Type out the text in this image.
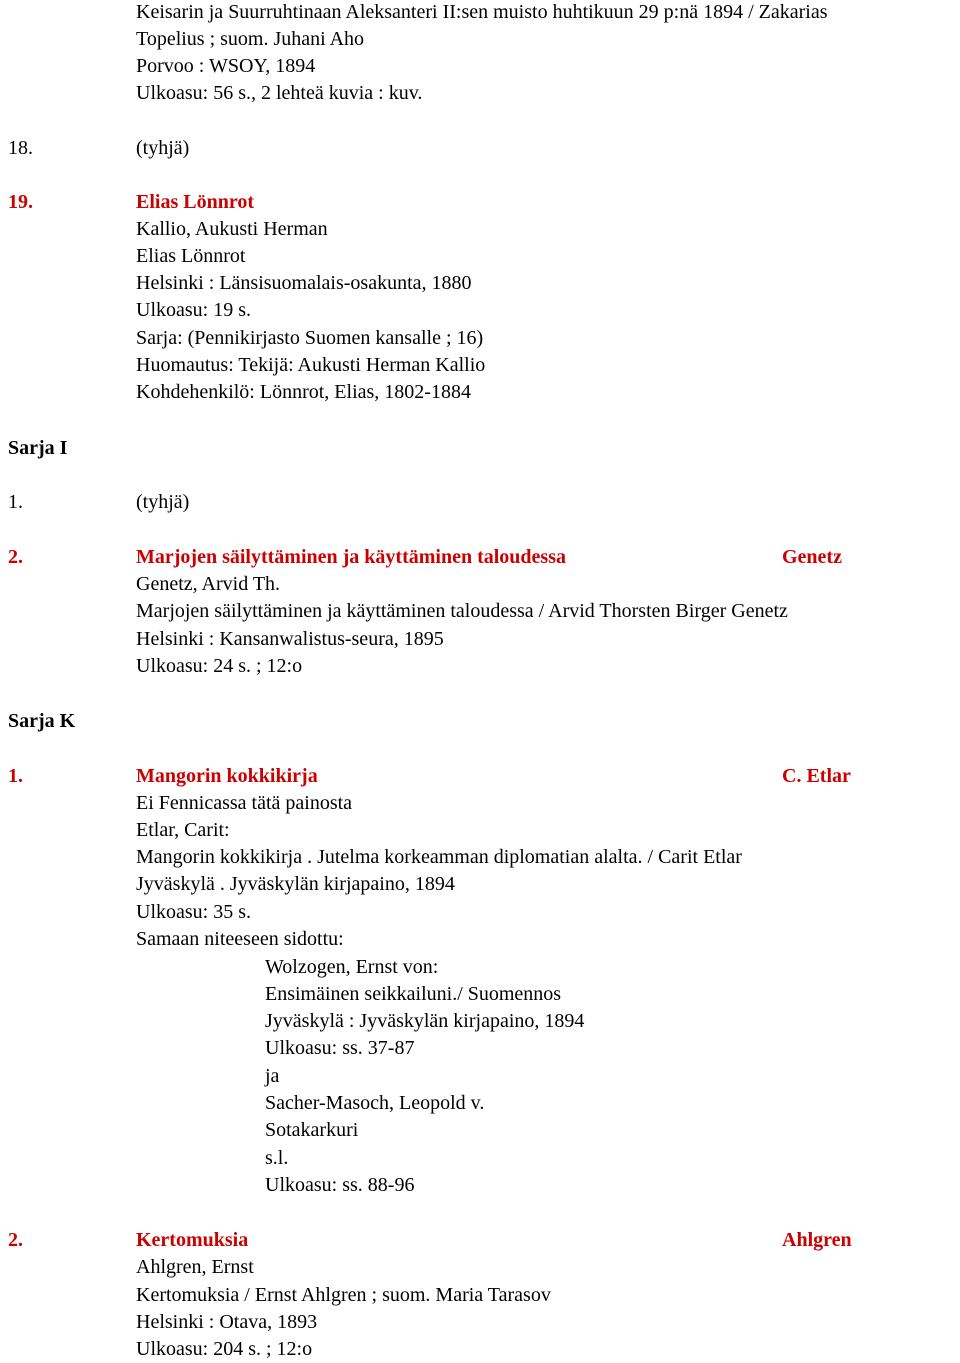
Keisarin ja Suurruhtinaan Aleksanteri II:sen muisto huhtikuun 29 p:nä 1894 / Zakarias
Topelius ; suom. Juhani Aho
Porvoo : WSOY, 1894
Ulkoasu: 56 s., 2 lehteä kuvia : kuv.
18.	(tyhjä)
19.	Elias Lönnrot
Kallio, Aukusti Herman
Elias Lönnrot
Helsinki : Länsisuomalais-osakunta, 1880
Ulkoasu: 19 s.
Sarja: (Pennikirjasto Suomen kansalle ; 16)
Huomautus: Tekijä: Aukusti Herman Kallio
Kohdehenkilö: Lönnrot, Elias, 1802-1884
Sarja I
1.	(tyhjä)
2.	Marjojen säilyttäminen ja käyttäminen taloudessa	Genetz
Genetz, Arvid Th.
Marjojen säilyttäminen ja käyttäminen taloudessa / Arvid Thorsten Birger Genetz
Helsinki : Kansanwalistus-seura, 1895
Ulkoasu: 24 s. ; 12:o
Sarja K
1.	Mangorin kokkikirja	C. Etlar
Ei Fennicassa tätä painosta
Etlar, Carit:
Mangorin kokkikirja . Jutelma korkeamman diplomatian alalta. / Carit Etlar
Jyväskylä . Jyväskylän kirjapaino, 1894
Ulkoasu: 35 s.
Samaan niteeseen sidottu:
Wolzogen, Ernst von:
Ensimäinen seikkailuni./ Suomennos
Jyväskylä : Jyväskylän kirjapaino, 1894
Ulkoasu: ss. 37-87
ja
Sacher-Masoch, Leopold v.
Sotakarkuri
s.l.
Ulkoasu: ss. 88-96
2.	Kertomuksia	Ahlgren
Ahlgren, Ernst
Kertomuksia / Ernst Ahlgren ; suom. Maria Tarasov
Helsinki : Otava, 1893
Ulkoasu: 204 s. ; 12:o
